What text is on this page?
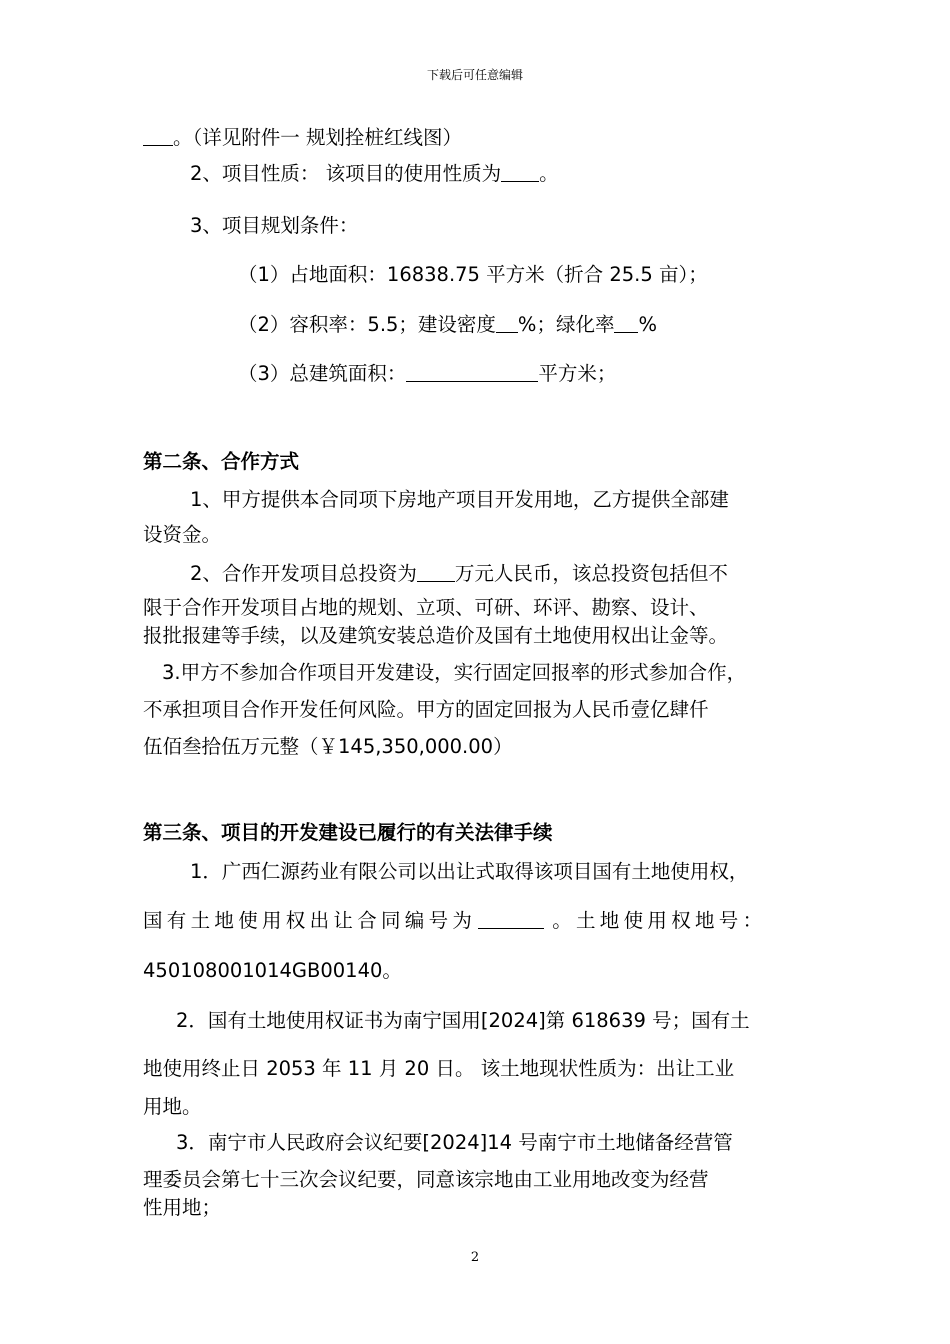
下载后可任意编辑
。（详见附件一 规划拴桩红线图）
2、项目性质： 该项目的使用性质为 。
3、项目规划条件：
（1）占地面积：16838.75 平方米（折合 25.5 亩）；
（2）容积率：5.5；建设密度 %；绿化率 %
（3）总建筑面积：	平方米；
第二条、合作方式
1、甲方提供本合同项下房地产项目开发用地，乙方提供全部建
设资金。
2、合作开发项目总投资为 万元人民币，该总投资包括但不
限于合作开发项目占地的规划、立项、可研、环评、勘察、设计、
报批报建等手续，以及建筑安装总造价及国有土地使用权出让金等。
3.甲方不参加合作项目开发建设，实行固定回报率的形式参加合作，
不承担项目合作开发任何风险。甲方的固定回报为人民币壹亿肆仟
伍佰叁拾伍万元整（￥145,350,000.00）
第三条、项目的开发建设已履行的有关法律手续
1．广西仁源药业有限公司以出让式取得该项目国有土地使用权，
国有土地使用权出让合同编号为	。土地使用权地号：
450108001014GB00140。
2．国有土地使用权证书为南宁国用[2024]第 618639 号；国有土
地使用终止日 2053 年 11 月 20 日。 该土地现状性质为：出让工业
用地。
3．南宁市人民政府会议纪要[2024]14 号南宁市土地储备经营管
理委员会第七十三次会议纪要，同意该宗地由工业用地改变为经营
性用地；
2
